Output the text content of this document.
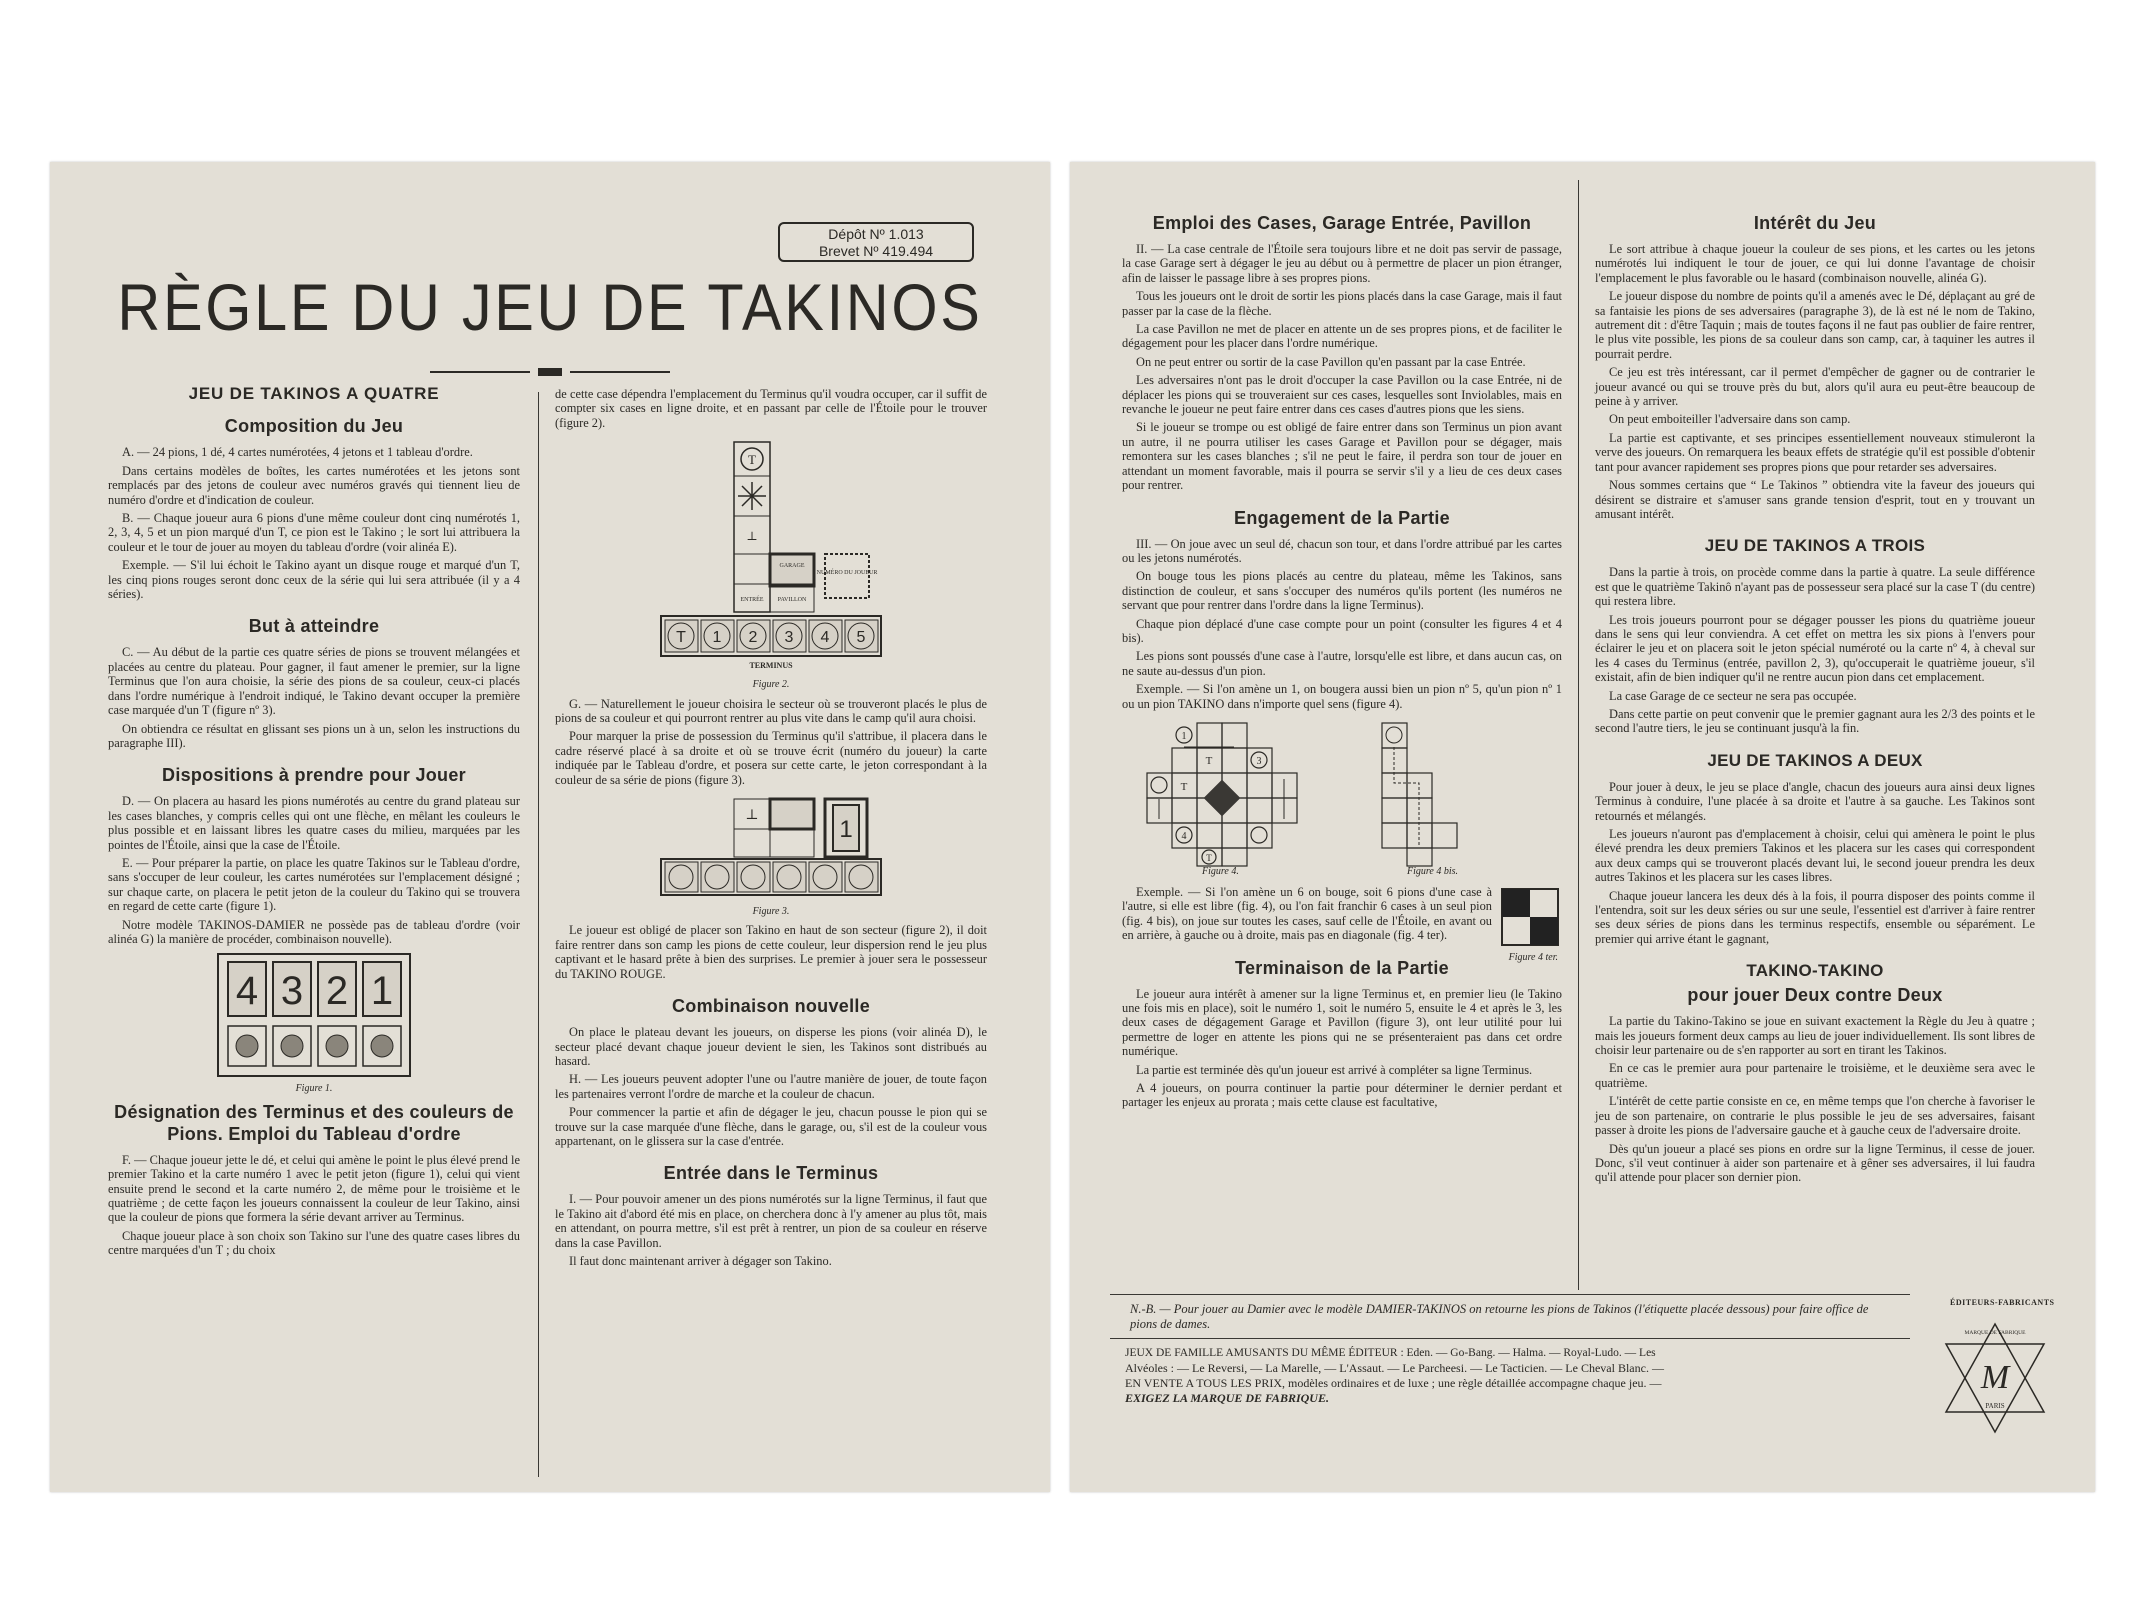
Dépôt Nº 1.013
Brevet Nº 419.494
RÈGLE DU JEU DE TAKINOS
JEU DE TAKINOS A QUATRE
Composition du Jeu

A. — 24 pions, 1 dé, 4 cartes numérotées, 4 jetons et 1 tableau d'ordre.

Dans certains modèles de boîtes, les cartes numérotées et les jetons sont remplacés par des jetons de couleur avec numéros gravés qui tiennent lieu de numéro d'ordre et d'indication de couleur.

B. — Chaque joueur aura 6 pions d'une même couleur dont cinq numérotés 1, 2, 3, 4, 5 et un pion marqué d'un T, ce pion est le Takino ; le sort lui attribuera la couleur et le tour de jouer au moyen du tableau d'ordre (voir alinéa E).

Exemple. — S'il lui échoit le Takino ayant un disque rouge et marqué d'un T, les cinq pions rouges seront donc ceux de la série qui lui sera attribuée (il y a 4 séries).

But à atteindre

C. — Au début de la partie ces quatre séries de pions se trouvent mélangées et placées au centre du plateau. Pour gagner, il faut amener le premier, sur la ligne Terminus que l'on aura choisie, la série des pions de sa couleur, ceux-ci placés dans l'ordre numérique à l'endroit indiqué, le Takino devant occuper la première case marquée d'un T (figure nº 3).

On obtiendra ce résultat en glissant ses pions un à un, selon les instructions du paragraphe III).

Dispositions à prendre pour Jouer

D. — On placera au hasard les pions numérotés au centre du grand plateau sur les cases blanches, y compris celles qui ont une flèche, en mêlant les couleurs le plus possible et en laissant libres les quatre cases du milieu, marquées par les pointes de l'Étoile, ainsi que la case de l'Étoile.

E. — Pour préparer la partie, on place les quatre Takinos sur le Tableau d'ordre, sans s'occuper de leur couleur, les cartes numérotées sur l'emplacement désigné ; sur chaque carte, on placera le petit jeton de la couleur du Takino qui se trouvera en regard de cette carte (figure 1).

Notre modèle TAKINOS-DAMIER ne possède pas de tableau d'ordre (voir alinéa G) la manière de procéder, combinaison nouvelle).

4 3 2 1

Figure 1.

Désignation des Terminus et des couleurs de Pions. Emploi du Tableau d'ordre

F. — Chaque joueur jette le dé, et celui qui amène le point le plus élevé prend le premier Takino et la carte numéro 1 avec le petit jeton (figure 1), celui qui vient ensuite prend le second et la carte numéro 2, de même pour le troisième et le quatrième ; de cette façon les joueurs connaissent la couleur de leur Takino, ainsi que la couleur de pions que formera la série devant arriver au Terminus.

Chaque joueur place à son choix son Takino sur l'une des quatre cases libres du centre marquées d'un T ; du choix

de cette case dépendra l'emplacement du Terminus qu'il voudra occuper, car il suffit de compter six cases en ligne droite, et en passant par celle de l'Étoile pour le trouver (figure 2).

T
⊥
GARAGE
ENTRÉE PAVILLON
NUMÉRO DU JOUEUR
T 1 2 3 4 5
TERMINUS

Figure 2.

G. — Naturellement le joueur choisira le secteur où se trouveront placés le plus de pions de sa couleur et qui pourront rentrer au plus vite dans le camp qu'il aura choisi.

Pour marquer la prise de possession du Terminus qu'il s'attribue, il placera dans le cadre réservé placé à sa droite et où se trouve écrit (numéro du joueur) la carte indiquée par le Tableau d'ordre, et posera sur cette carte, le jeton correspondant à la couleur de sa série de pions (figure 3).

⊥
1

Figure 3.

Le joueur est obligé de placer son Takino en haut de son secteur (figure 2), il doit faire rentrer dans son camp les pions de cette couleur, leur dispersion rend le jeu plus captivant et le hasard prête à bien des surprises. Le premier à jouer sera le possesseur du TAKINO ROUGE.

Combinaison nouvelle

On place le plateau devant les joueurs, on disperse les pions (voir alinéa D), le secteur placé devant chaque joueur devient le sien, les Takinos sont distribués au hasard.

H. — Les joueurs peuvent adopter l'une ou l'autre manière de jouer, de toute façon les partenaires verront l'ordre de marche et la couleur de chacun.

Pour commencer la partie et afin de dégager le jeu, chacun pousse le pion qui se trouve sur la case marquée d'une flèche, dans le garage, ou, s'il est de la couleur vous appartenant, on le glissera sur la case d'entrée.

Entrée dans le Terminus

I. — Pour pouvoir amener un des pions numérotés sur la ligne Terminus, il faut que le Takino ait d'abord été mis en place, on cherchera donc à l'y amener au plus tôt, mais en attendant, on pourra mettre, s'il est prêt à rentrer, un pion de sa couleur en réserve dans la case Pavillon.

Il faut donc maintenant arriver à dégager son Takino.

Emploi des Cases, Garage Entrée, Pavillon

II. — La case centrale de l'Étoile sera toujours libre et ne doit pas servir de passage, la case Garage sert à dégager le jeu au début ou à permettre de placer un pion étranger, afin de laisser le passage libre à ses propres pions.

Tous les joueurs ont le droit de sortir les pions placés dans la case Garage, mais il faut passer par la case de la flèche.

La case Pavillon ne met de placer en attente un de ses propres pions, et de faciliter le dégagement pour les placer dans l'ordre numérique.

On ne peut entrer ou sortir de la case Pavillon qu'en passant par la case Entrée.

Les adversaires n'ont pas le droit d'occuper la case Pavillon ou la case Entrée, ni de déplacer les pions qui se trouveraient sur ces cases, lesquelles sont Inviolables, mais en revanche le joueur ne peut faire entrer dans ces cases d'autres pions que les siens.

Si le joueur se trompe ou est obligé de faire entrer dans son Terminus un pion avant un autre, il ne pourra utiliser les cases Garage et Pavillon pour se dégager, mais remontera sur les cases blanches ; s'il ne peut le faire, il perdra son tour de jouer en attendant un moment favorable, mais il pourra se servir s'il y a lieu de ces deux cases pour rentrer.

Engagement de la Partie

III. — On joue avec un seul dé, chacun son tour, et dans l'ordre attribué par les cartes ou les jetons numérotés.

On bouge tous les pions placés au centre du plateau, même les Takinos, sans distinction de couleur, et sans s'occuper des numéros qu'ils portent (les numéros ne servant que pour rentrer dans l'ordre dans la ligne Terminus).

Chaque pion déplacé d'une case compte pour un point (consulter les figures 4 et 4 bis).

Les pions sont poussés d'une case à l'autre, lorsqu'elle est libre, et dans aucun cas, on ne saute au-dessus d'un pion.

Exemple. — Si l'on amène un 1, on bougera aussi bien un pion nº 5, qu'un pion nº 1 ou un pion TAKINO dans n'importe quel sens (figure 4).

1
3
4
T
T
T
Figure 4.	Figure 4 bis.

Exemple. — Si l'on amène un 6 on bouge, soit 6 pions d'une case à l'autre, si elle est libre (fig. 4), ou l'on fait franchir 6 cases à un seul pion (fig. 4 bis), on joue sur toutes les cases, sauf celle de l'Étoile, en avant ou en arrière, à gauche ou à droite, mais pas en diagonale (fig. 4 ter).

Figure 4 ter.
Terminaison de la Partie

Le joueur aura intérêt à amener sur la ligne Terminus et, en premier lieu (le Takino une fois mis en place), soit le numéro 1, soit le numéro 5, ensuite le 4 et après le 3, les deux cases de dégagement Garage et Pavillon (figure 3), ont leur utilité pour lui permettre de loger en attente les pions qui ne se présenteraient pas dans cet ordre numérique.

La partie est terminée dès qu'un joueur est arrivé à compléter sa ligne Terminus.

A 4 joueurs, on pourra continuer la partie pour déterminer le dernier perdant et partager les enjeux au prorata ; mais cette clause est facultative,

Intérêt du Jeu

Le sort attribue à chaque joueur la couleur de ses pions, et les cartes ou les jetons numérotés lui indiquent le tour de jouer, ce qui lui donne l'avantage de choisir l'emplacement le plus favorable ou le hasard (combinaison nouvelle, alinéa G).

Le joueur dispose du nombre de points qu'il a amenés avec le Dé, déplaçant au gré de sa fantaisie les pions de ses adversaires (paragraphe 3), de là est né le nom de Takino, autrement dit : d'être Taquin ; mais de toutes façons il ne faut pas oublier de faire rentrer, le plus vite possible, les pions de sa couleur dans son camp, car, à taquiner les autres il pourrait perdre.

Ce jeu est très intéressant, car il permet d'empêcher de gagner ou de contrarier le joueur avancé ou qui se trouve près du but, alors qu'il aura eu peut-être beaucoup de peine à y arriver.

On peut emboiteiller l'adversaire dans son camp.

La partie est captivante, et ses principes essentiellement nouveaux stimuleront la verve des joueurs. On remarquera les beaux effets de stratégie qu'il est possible d'obtenir tant pour avancer rapidement ses propres pions que pour retarder ses adversaires.

Nous sommes certains que “ Le Takinos ” obtiendra vite la faveur des joueurs qui désirent se distraire et s'amuser sans grande tension d'esprit, tout en y trouvant un amusant intérêt.

JEU DE TAKINOS A TROIS

Dans la partie à trois, on procède comme dans la partie à quatre. La seule différence est que le quatrième Takinô n'ayant pas de possesseur sera placé sur la case T (du centre) qui restera libre.

Les trois joueurs pourront pour se dégager pousser les pions du quatrième joueur dans le sens qui leur conviendra. A cet effet on mettra les six pions à l'envers pour éclairer le jeu et on placera soit le jeton spécial numéroté ou la carte nº 4, à cheval sur les 4 cases du Terminus (entrée, pavillon 2, 3), qu'occuperait le quatrième joueur, s'il existait, afin de bien indiquer qu'il ne rentre aucun pion dans cet emplacement.

La case Garage de ce secteur ne sera pas occupée.

Dans cette partie on peut convenir que le premier gagnant aura les 2/3 des points et le second l'autre tiers, le jeu se continuant jusqu'à la fin.

JEU DE TAKINOS A DEUX

Pour jouer à deux, le jeu se place d'angle, chacun des joueurs aura ainsi deux lignes Terminus à conduire, l'une placée à sa droite et l'autre à sa gauche. Les Takinos sont retournés et mélangés.

Les joueurs n'auront pas d'emplacement à choisir, celui qui amènera le point le plus élevé prendra les deux premiers Takinos et les placera sur les cases qui correspondent aux deux camps qui se trouveront placés devant lui, le second joueur prendra les deux autres Takinos et les placera sur les cases libres.

Chaque joueur lancera les deux dés à la fois, il pourra disposer des points comme il l'entendra, soit sur les deux séries ou sur une seule, l'essentiel est d'arriver à faire rentrer ses deux séries de pions dans les terminus respectifs, ensemble ou séparément. Le premier qui arrive étant le gagnant,

TAKINO-TAKINO
pour jouer Deux contre Deux

La partie du Takino-Takino se joue en suivant exactement la Règle du Jeu à quatre ; mais les joueurs forment deux camps au lieu de jouer individuellement. Ils sont libres de choisir leur partenaire ou de s'en rapporter au sort en tirant les Takinos.

En ce cas le premier aura pour partenaire le troisième, et le deuxième sera avec le quatrième.

L'intérêt de cette partie consiste en ce, en même temps que l'on cherche à favoriser le jeu de son partenaire, on contrarie le plus possible le jeu de ses adversaires, faisant passer à droite les pions de l'adversaire gauche et à gauche ceux de l'adversaire droite.

Dès qu'un joueur a placé ses pions en ordre sur la ligne Terminus, il cesse de jouer. Donc, s'il veut continuer à aider son partenaire et à gêner ses adversaires, il lui faudra qu'il attende pour placer son dernier pion.

N.-B. — Pour jouer au Damier avec le modèle DAMIER-TAKINOS on retourne les pions de Takinos (l'étiquette placée dessous) pour faire office de pions de dames.
ÉDITEURS-FABRICANTS
JEUX DE FAMILLE AMUSANTS DU MÊME ÉDITEUR : Eden. — Go-Bang. — Halma. — Royal-Ludo. — Les
Alvéoles : — Le Reversi, — La Marelle, — L'Assaut. — Le Parcheesi. — Le Tacticien. — Le Cheval Blanc. —
EN VENTE A TOUS LES PRIX, modèles ordinaires et de luxe ; une règle détaillée accompagne chaque jeu. —
EXIGEZ LA MARQUE DE FABRIQUE.
MARQUE DE FABRIQUE
M
PARIS
